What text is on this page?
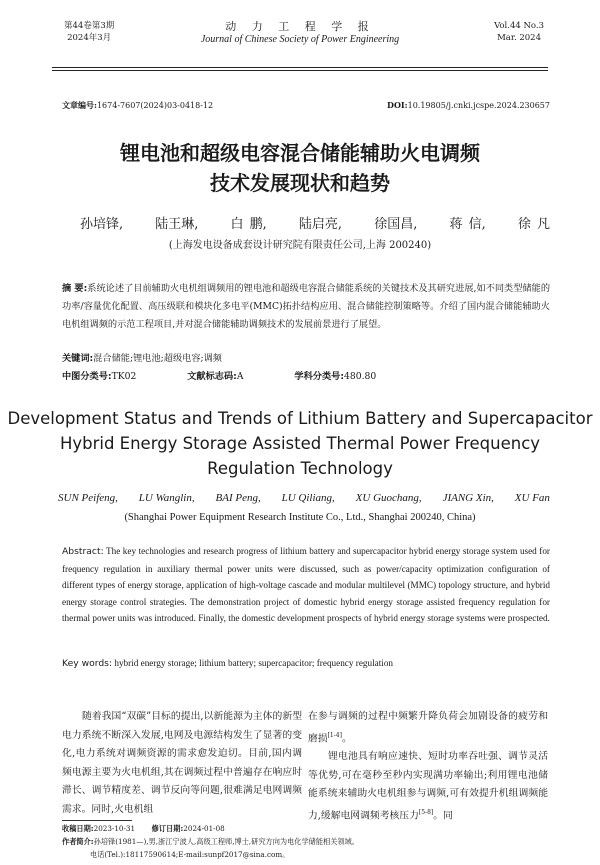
第44卷第3期
2024年3月
动 力 工 程 学 报
Journal of Chinese Society of Power Engineering
Vol.44 No.3
Mar. 2024
文章编号:1674-7607(2024)03-0418-12	DOI:10.19805/j.cnki.jcspe.2024.230657
锂电池和超级电容混合储能辅助火电调频
技术发展现状和趋势
孙培锋, 陆王琳, 白 鹏, 陆启亮, 徐国昌, 蒋 信, 徐 凡
(上海发电设备成套设计研究院有限责任公司,上海 200240)
摘 要:系统论述了目前辅助火电机组调频用的锂电池和超级电容混合储能系统的关键技术及其研究进展,如不同类型储能的功率/容量优化配置、高压级联和模块化多电平(MMC)拓扑结构应用、混合储能控制策略等。介绍了国内混合储能辅助火电机组调频的示范工程项目,并对混合储能辅助调频技术的发展前景进行了展望。
关键词:混合储能;锂电池;超级电容;调频
中图分类号:TK02	文献标志码:A	学科分类号:480.80
Development Status and Trends of Lithium Battery and Supercapacitor
Hybrid Energy Storage Assisted Thermal Power Frequency
Regulation Technology
SUN Peifeng, LU Wanglin, BAI Peng, LU Qiliang, XU Guochang, JIANG Xin, XU Fan
(Shanghai Power Equipment Research Institute Co., Ltd., Shanghai 200240, China)
Abstract: The key technologies and research progress of lithium battery and supercapacitor hybrid energy storage system used for frequency regulation in auxiliary thermal power units were discussed, such as power/capacity optimization configuration of different types of energy storage, application of high-voltage cascade and modular multilevel (MMC) topology structure, and hybrid energy storage control strategies. The demonstration project of domestic hybrid energy storage assisted frequency regulation for thermal power units was introduced. Finally, the domestic development prospects of hybrid energy storage systems were prospected.
Key words: hybrid energy storage; lithium battery; supercapacitor; frequency regulation
随着我国“双碳”目标的提出,以新能源为主体的新型电力系统不断深入发展,电网及电源结构发生了显著的变化,电力系统对调频资源的需求愈发迫切。目前,国内调频电源主要为火电机组,其在调频过程中普遍存在响应时滞长、调节精度差、调节反向等问题,很难满足电网调频需求。同时,火电机组

在参与调频的过程中频繁升降负荷会加剧设备的疲劳和磨损[1-4]。

锂电池具有响应速快、短时功率吞吐强、调节灵活等优势,可在毫秒至秒内实现满功率输出;利用锂电池储能系统来辅助火电机组参与调频,可有效提升机组调频能力,缓解电网调频考核压力[5-8]。同

收稿日期:2023-10-31 修订日期:2024-01-08
作者简介:孙培锋(1981—),男,浙江宁波人,高级工程师,博士,研究方向为电化学储能相关领域。
电话(Tel.):18117590614;E-mail:sunpf2017@sina.com。
